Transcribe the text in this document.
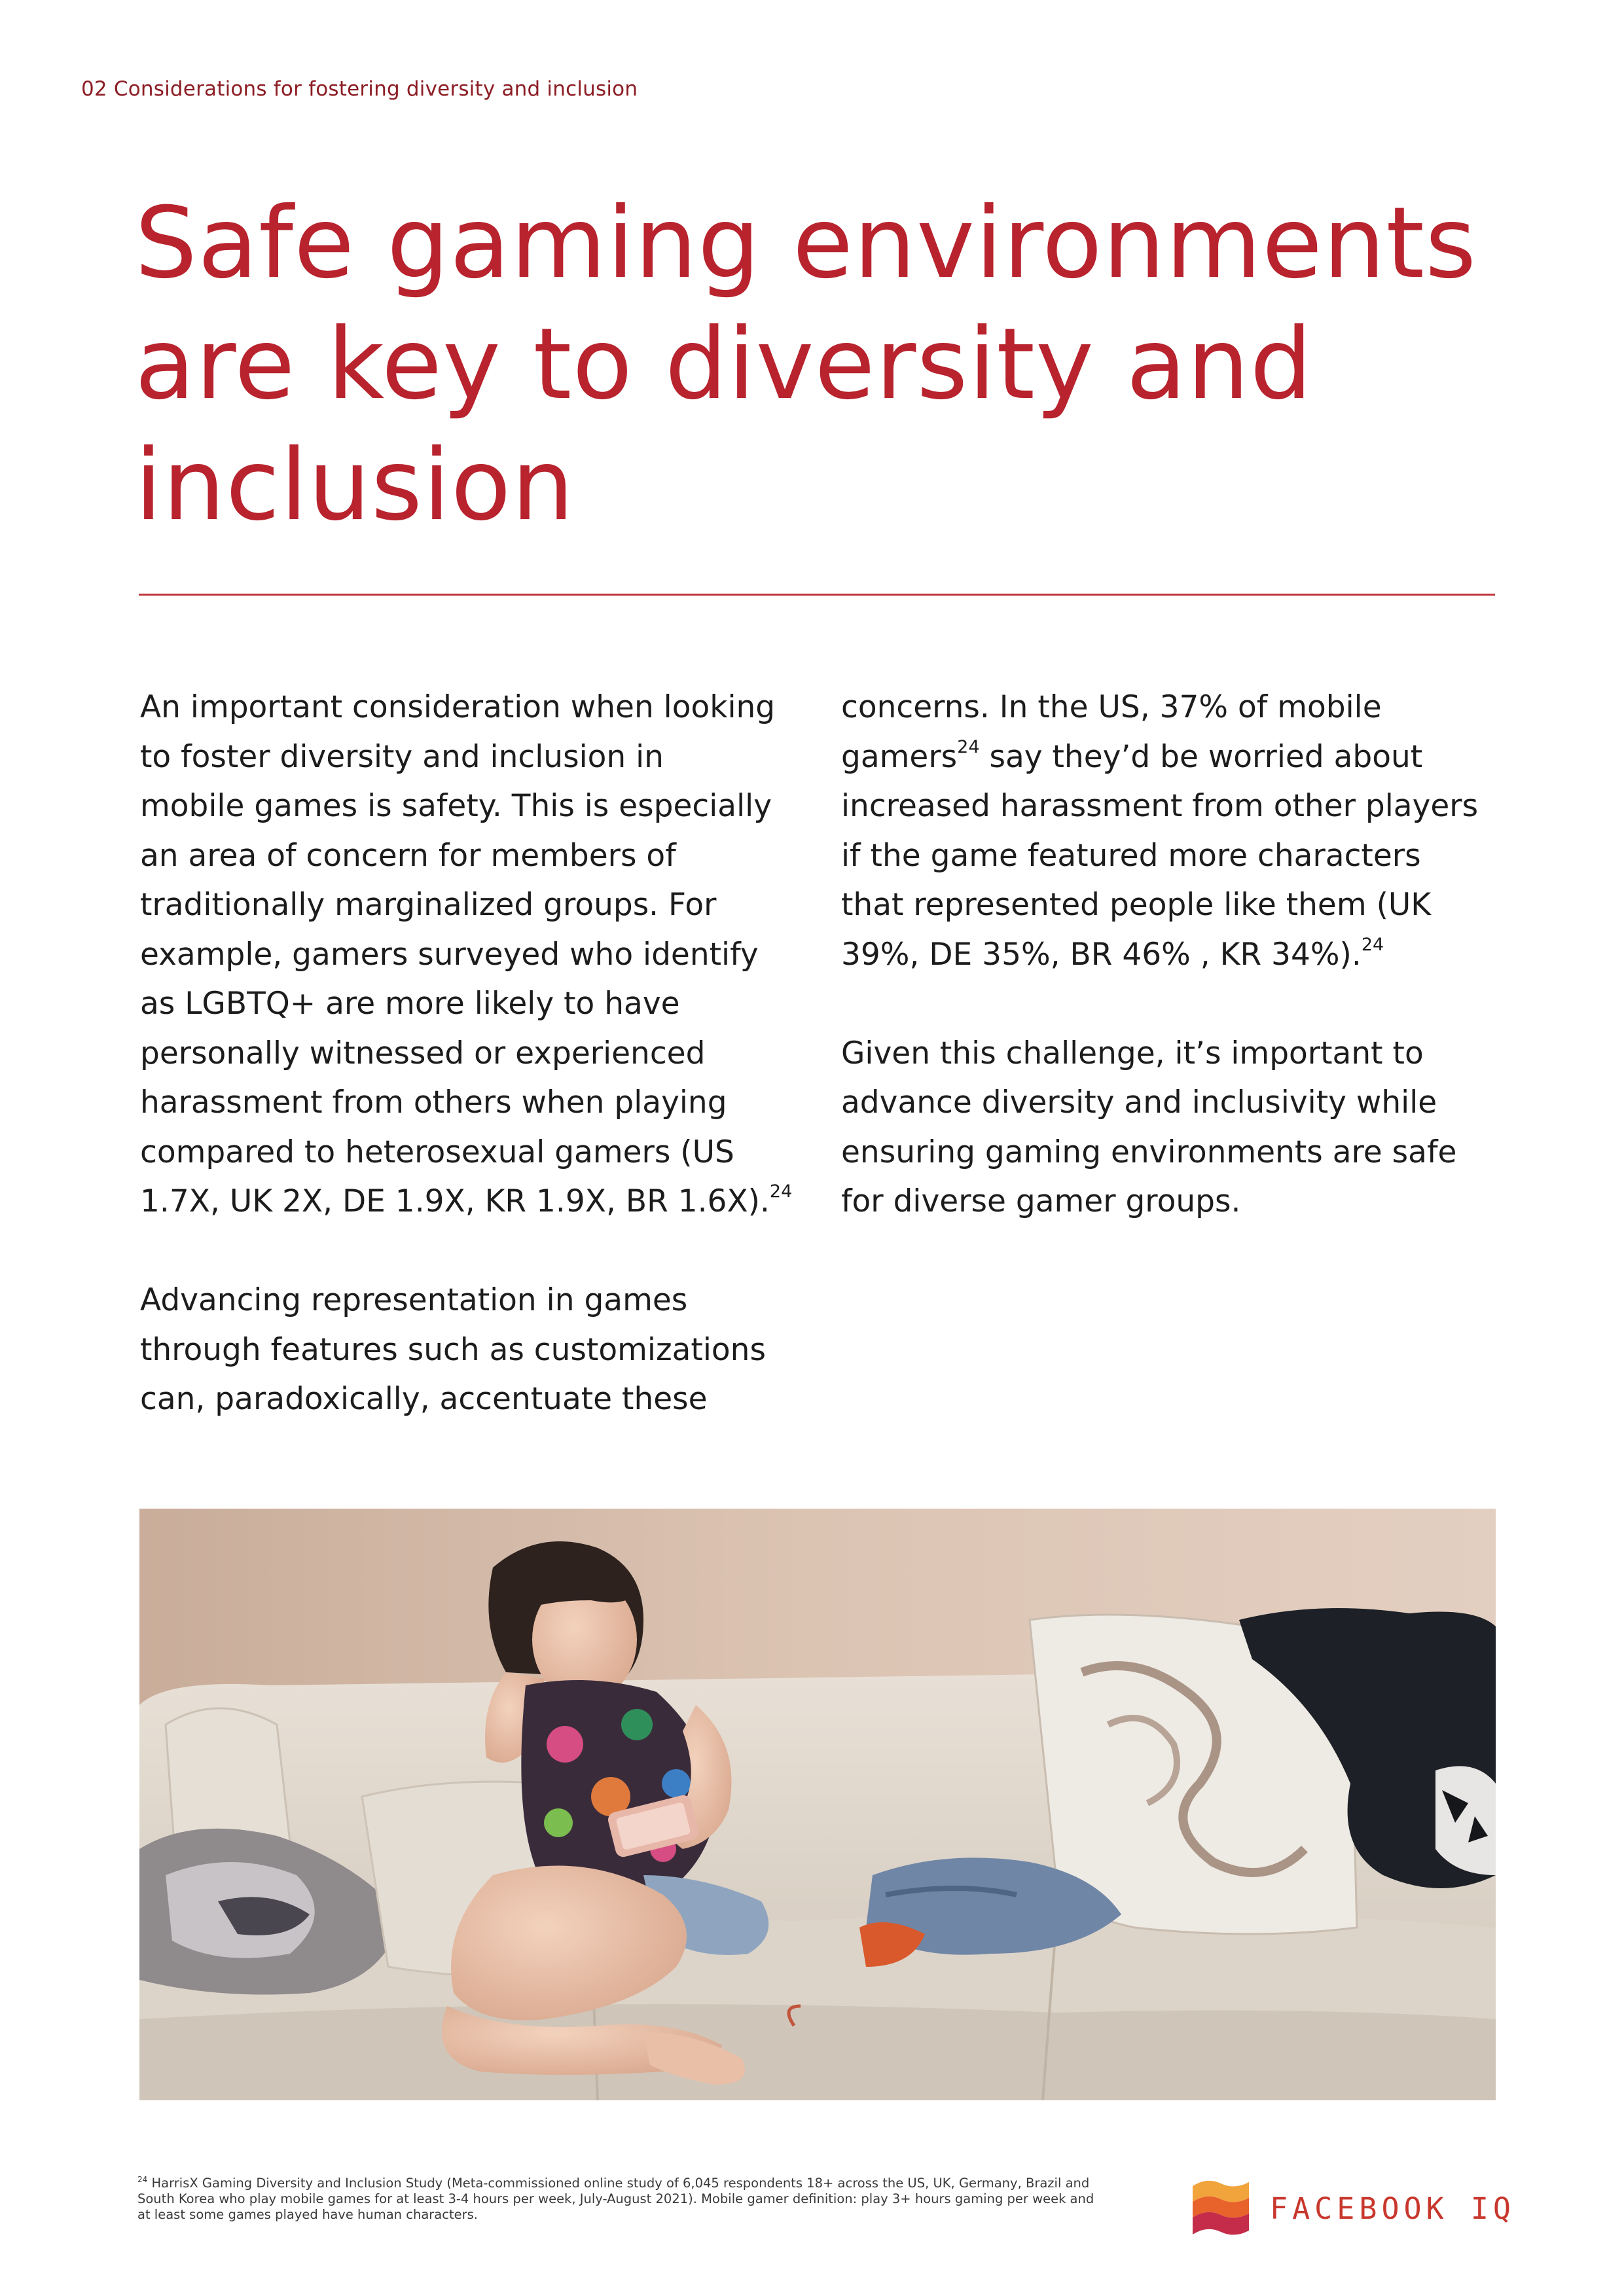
02 Considerations for fostering diversity and inclusion
Safe gaming environments
are key to diversity and
inclusion

An important consideration when looking
to foster diversity and inclusion in
mobile games is safety. This is especially
an area of concern for members of
traditionally marginalized groups. For
example, gamers surveyed who identify
as LGBTQ+ are more likely to have
personally witnessed or experienced
harassment from others when playing
compared to heterosexual gamers (US
1.7X, UK 2X, DE 1.9X, KR 1.9X, BR 1.6X).$^{24}$

Advancing representation in games
through features such as customizations
can, paradoxically, accentuate these

concerns. In the US, 37% of mobile
gamers$^{24}$ say they’d be worried about
increased harassment from other players
if the game featured more characters
that represented people like them (UK
39%, DE 35%, BR 46% , KR 34%).$^{24}$

Given this challenge, it’s important to
advance diversity and inclusivity while
ensuring gaming environments are safe
for diverse gamer groups.

$^{24}$ HarrisX Gaming Diversity and Inclusion Study (Meta-commissioned online study of 6,045 respondents 18+ across the US, UK, Germany, Brazil and
South Korea who play mobile games for at least 3-4 hours per week, July-August 2021). Mobile gamer definition: play 3+ hours gaming per week and
at least some games played have human characters.	FACEBOOK IQ
